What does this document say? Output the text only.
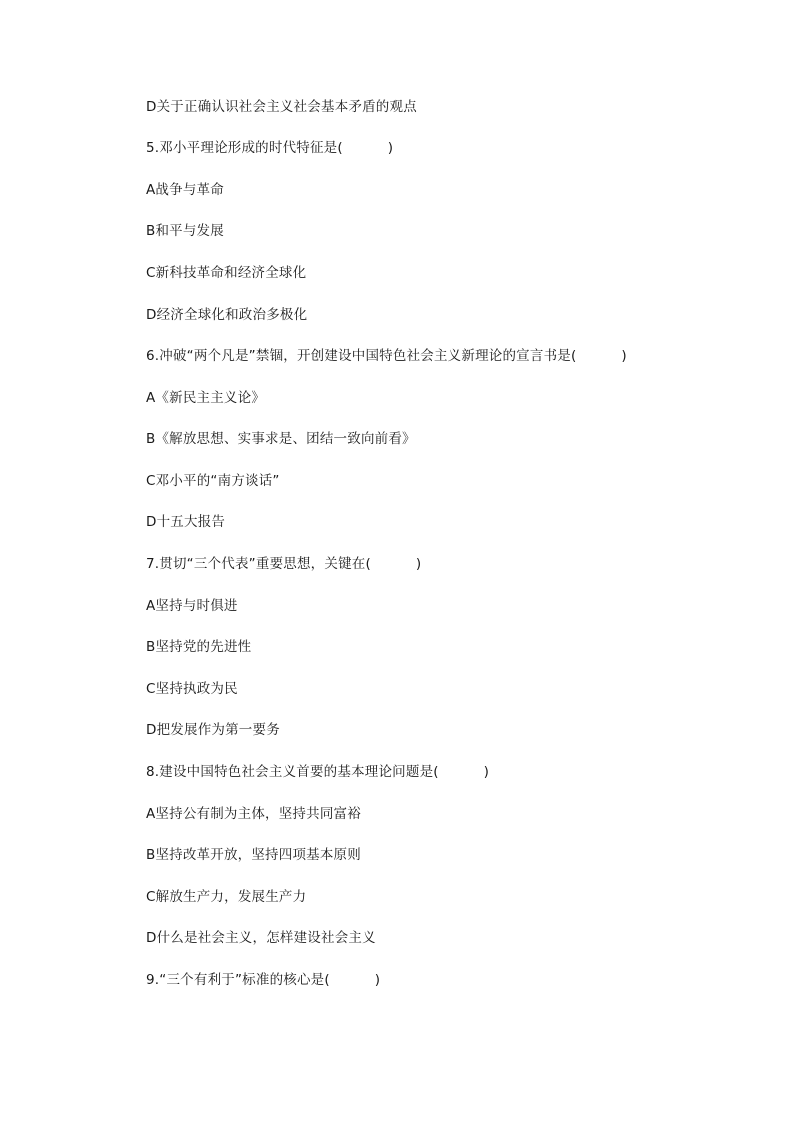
D关于正确认识社会主义社会基本矛盾的观点
5.邓小平理论形成的时代特征是(          )
A战争与革命
B和平与发展
C新科技革命和经济全球化
D经济全球化和政治多极化
6.冲破“两个凡是”禁锢，开创建设中国特色社会主义新理论的宣言书是(          )
A《新民主主义论》
B《解放思想、实事求是、团结一致向前看》
C邓小平的“南方谈话”
D十五大报告
7.贯切“三个代表”重要思想，关键在(          )
A坚持与时俱进
B坚持党的先进性
C坚持执政为民
D把发展作为第一要务
8.建设中国特色社会主义首要的基本理论问题是(          )
A坚持公有制为主体，坚持共同富裕
B坚持改革开放，坚持四项基本原则
C解放生产力，发展生产力
D什么是社会主义，怎样建设社会主义
9.“三个有利于”标准的核心是(          )
